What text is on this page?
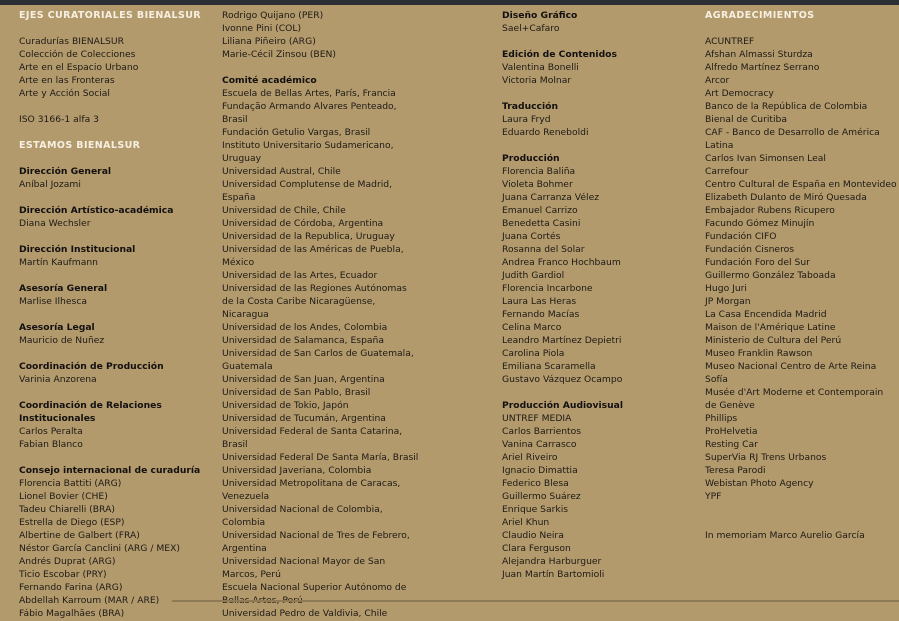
EJES CURATORIALES BIENALSUR
Curadurías BIENALSUR
Colección de Colecciones
Arte en el Espacio Urbano
Arte en las Fronteras
Arte y Acción Social
ISO 3166-1 alfa 3
ESTAMOS BIENALSUR
Dirección General
Aníbal Jozami
Dirección Artístico-académica
Diana Wechsler
Dirección Institucional
Martín Kaufmann
Asesoría General
Marlise Ilhesca
Asesoría Legal
Mauricio de Nuñez
Coordinación de Producción
Varinia Anzorena
Coordinación de Relaciones Institucionales
Carlos Peralta
Fabian Blanco
Consejo internacional de curaduría
Florencia Battiti (ARG)
Lionel Bovier (CHE)
Tadeu Chiarelli (BRA)
Estrella de Diego (ESP)
Albertine de Galbert (FRA)
Néstor García Canclini (ARG / MEX)
Andrés Duprat (ARG)
Ticio Escobar (PRY)
Fernando Farina (ARG)
Abdellah Karroum (MAR / ARE)
Fábio Magalhães (BRA)
Rodrigo Quijano (PER)
Ivonne Pini (COL)
Liliana Piñeiro (ARG)
Marie-Cécil Zinsou (BEN)
Comité académico
Escuela de Bellas Artes, París, Francia
Fundação Armando Alvares Penteado,
Brasil
Fundación Getulio Vargas, Brasil
Instituto Universitario Sudamericano,
Uruguay
Universidad Austral, Chile
Universidad Complutense de Madrid,
España
Universidad de Chile, Chile
Universidad de Córdoba, Argentina
Universidad de la Republica, Uruguay
Universidad de las Américas de Puebla,
México
Universidad de las Artes, Ecuador
Universidad de las Regiones Autónomas
de la Costa Caribe Nicaragüense,
Nicaragua
Universidad de los Andes, Colombia
Universidad de Salamanca, España
Universidad de San Carlos de Guatemala,
Guatemala
Universidad de San Juan, Argentina
Universidad de San Pablo, Brasil
Universidad de Tokio, Japón
Universidad de Tucumán, Argentina
Universidad Federal de Santa Catarina,
Brasil
Universidad Federal De Santa María, Brasil
Universidad Javeriana, Colombia
Universidad Metropolitana de Caracas,
Venezuela
Universidad Nacional de Colombia,
Colombia
Universidad Nacional de Tres de Febrero,
Argentina
Universidad Nacional Mayor de San
Marcos, Perú
Escuela Nacional Superior Autónomo de
Universidad Pedro de Valdivia, Chile
Diseño Gráfico
Sael+Cafaro
Edición de Contenidos
Valentina Bonelli
Victoria Molnar
Traducción
Laura Fryd
Eduardo Reneboldi
Producción
Florencia Baliña
Violeta Bohmer
Juana Carranza Vélez
Emanuel Carrizo
Benedetta Casini
Juana Cortés
Rosanna del Solar
Andrea Franco Hochbaum
Judith Gardiol
Florencia Incarbone
Laura Las Heras
Fernando Macías
Celina Marco
Leandro Martínez Depietri
Carolina Piola
Emiliana Scaramella
Gustavo Vázquez Ocampo
Producción Audiovisual
UNTREF MEDIA
Carlos Barrientos
Vanina Carrasco
Ariel Riveiro
Ignacio Dimattia
Federico Blesa
Guillermo Suárez
Enrique Sarkis
Ariel Khun
Claudio Neira
Clara Ferguson
Alejandra Harburguer
Juan Martín Bartomioli
AGRADECIMIENTOS
ACUNTREF
Afshan Almassi Sturdza
Alfredo Martínez Serrano
Arcor
Art Democracy
Banco de la República de Colombia
Bienal de Curitiba
CAF - Banco de Desarrollo de América
Latina
Carlos Ivan Simonsen Leal
Carrefour
Centro Cultural de España en Montevideo
Elizabeth Dulanto de Miró Quesada
Embajador Rubens Ricupero
Facundo Gómez Minujín
Fundación CIFO
Fundación Cisneros
Fundación Foro del Sur
Guillermo González Taboada
Hugo Juri
JP Morgan
La Casa Encendida Madrid
Maison de l'Amérique Latine
Ministerio de Cultura del Perú
Museo Franklin Rawson
Museo Nacional Centro de Arte Reina
Sofía
Musée d'Art Moderne et Contemporain
de Genève
Phillips
ProHelvetia
Resting Car
SuperVia RJ Trens Urbanos
Teresa Parodi
Webistan Photo Agency
YPF
In memoriam Marco Aurelio García
